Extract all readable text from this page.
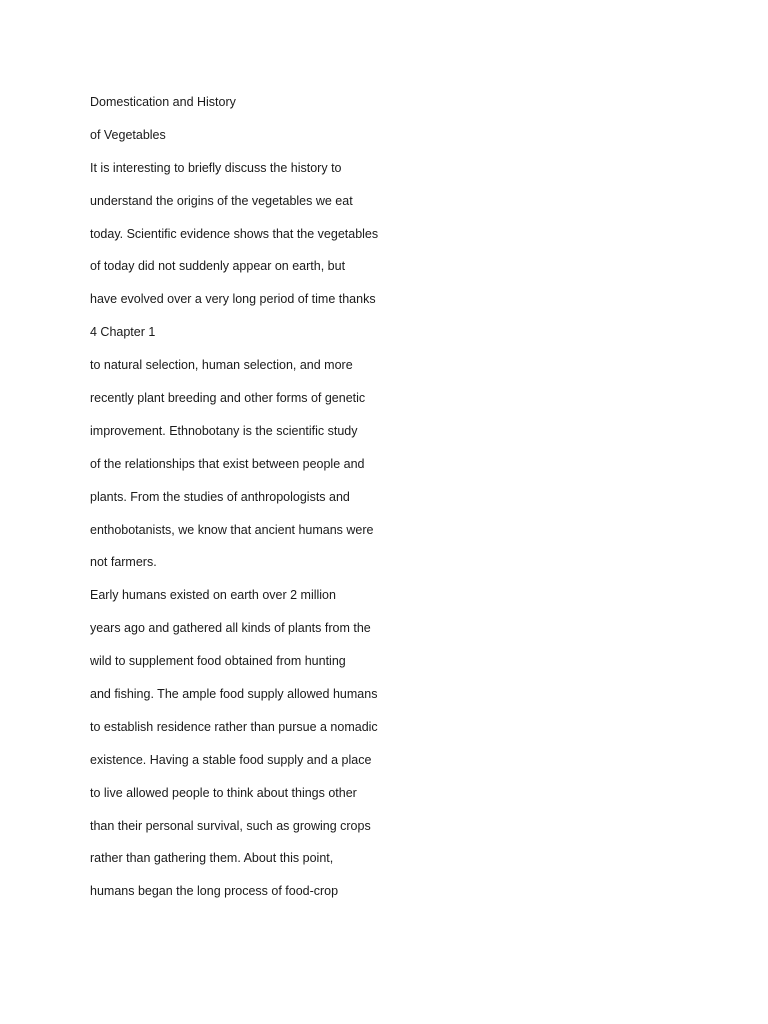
Domestication and History
of Vegetables
It is interesting to briefly discuss the history to
understand the origins of the vegetables we eat
today. Scientific evidence shows that the vegetables
of today did not suddenly appear on earth, but
have evolved over a very long period of time thanks
4 Chapter 1
to natural selection, human selection, and more
recently plant breeding and other forms of genetic
improvement. Ethnobotany is the scientific study
of the relationships that exist between people and
plants. From the studies of anthropologists and
enthobotanists, we know that ancient humans were
not farmers.
Early humans existed on earth over 2 million
years ago and gathered all kinds of plants from the
wild to supplement food obtained from hunting
and fishing. The ample food supply allowed humans
to establish residence rather than pursue a nomadic
existence. Having a stable food supply and a place
to live allowed people to think about things other
than their personal survival, such as growing crops
rather than gathering them. About this point,
humans began the long process of food-crop
